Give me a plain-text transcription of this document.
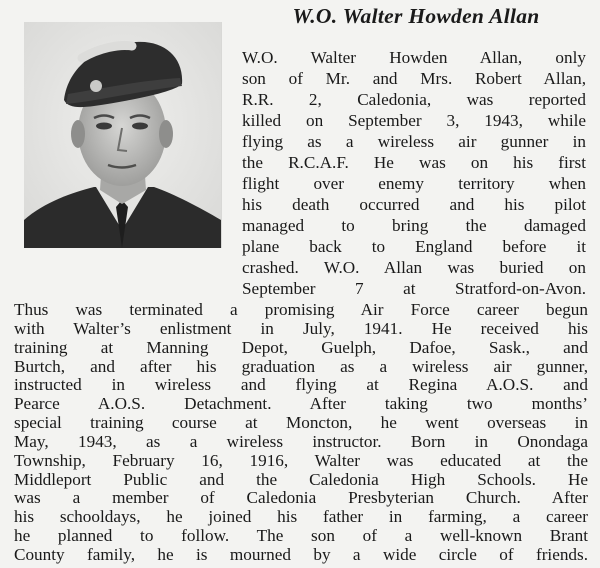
W.O. Walter Howden Allan
W.O. Walter Howden Allan, only
son of Mr. and Mrs. Robert Allan,
R.R. 2, Caledonia, was reported
killed on September 3, 1943, while
flying as a wireless air gunner in
the R.C.A.F. He was on his first
flight over enemy territory when
his death occurred and his pilot
managed to bring the damaged
plane back to England before it
crashed. W.O. Allan was buried on
September 7 at Stratford-on-Avon.
Thus was terminated a promising Air Force career begun
with Walter’s enlistment in July, 1941. He received his
training at Manning Depot, Guelph, Dafoe, Sask., and
Burtch, and after his graduation as a wireless air gunner,
instructed in wireless and flying at Regina A.O.S. and
Pearce A.O.S. Detachment. After taking two months’
special training course at Moncton, he went overseas in
May, 1943, as a wireless instructor. Born in Onondaga
Township, February 16, 1916, Walter was educated at the
Middleport Public and the Caledonia High Schools. He
was a member of Caledonia Presbyterian Church. After
his schooldays, he joined his father in farming, a career
he planned to follow. The son of a well-known Brant
County family, he is mourned by a wide circle of friends.
